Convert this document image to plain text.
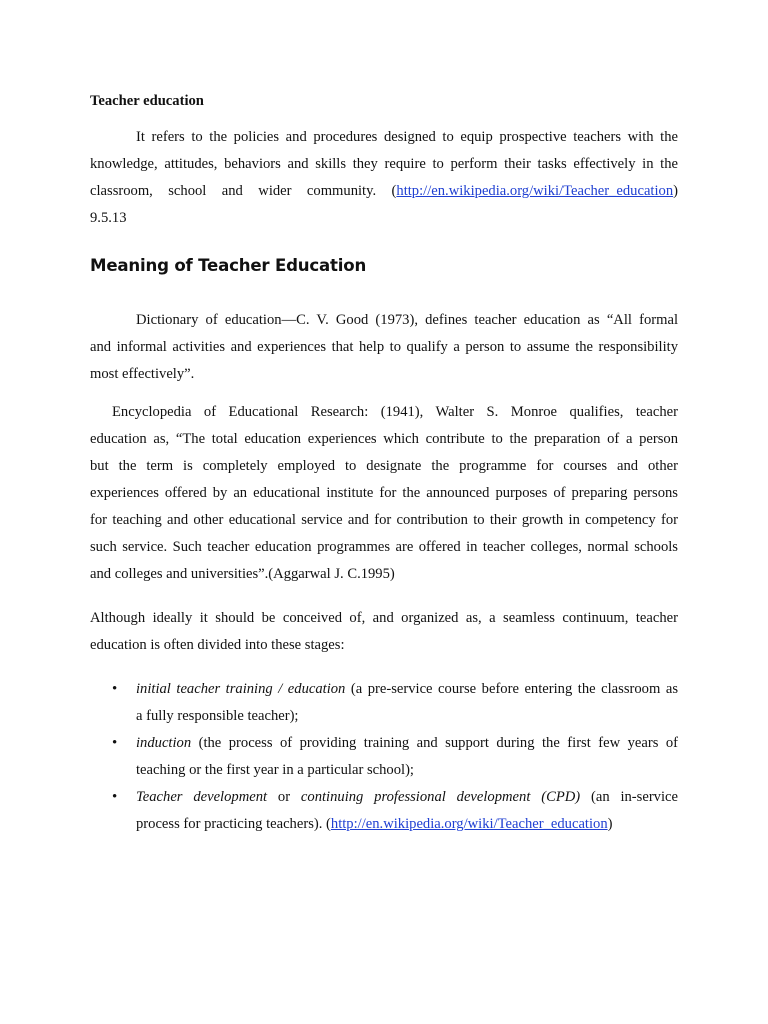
Teacher education

It refers to the policies and procedures designed to equip prospective teachers with the

knowledge, attitudes, behaviors and skills they require to perform their tasks effectively in the

classroom, school and wider community. (http://en.wikipedia.org/wiki/Teacher_education)

9.5.13

Meaning of Teacher Education

Dictionary of education—C. V. Good (1973), defines teacher education as “All formal

and informal activities and experiences that help to qualify a person to assume the responsibility

most effectively”.

Encyclopedia of Educational Research: (1941), Walter S. Monroe qualifies, teacher

education as, “The total education experiences which contribute to the preparation of a person

but the term is completely employed to designate the programme for courses and other

experiences offered by an educational institute for the announced purposes of preparing persons

for teaching and other educational service and for contribution to their growth in competency for

such service. Such teacher education programmes are offered in teacher colleges, normal schools

and colleges and universities”.(Aggarwal J. C.1995)

Although ideally it should be conceived of, and organized as, a seamless continuum, teacher

education is often divided into these stages:

• initial teacher training / education (a pre-service course before entering the classroom as

a fully responsible teacher);

• induction (the process of providing training and support during the first few years of

teaching or the first year in a particular school);

• Teacher development or continuing professional development (CPD) (an in-service

process for practicing teachers). (http://en.wikipedia.org/wiki/Teacher_education)
